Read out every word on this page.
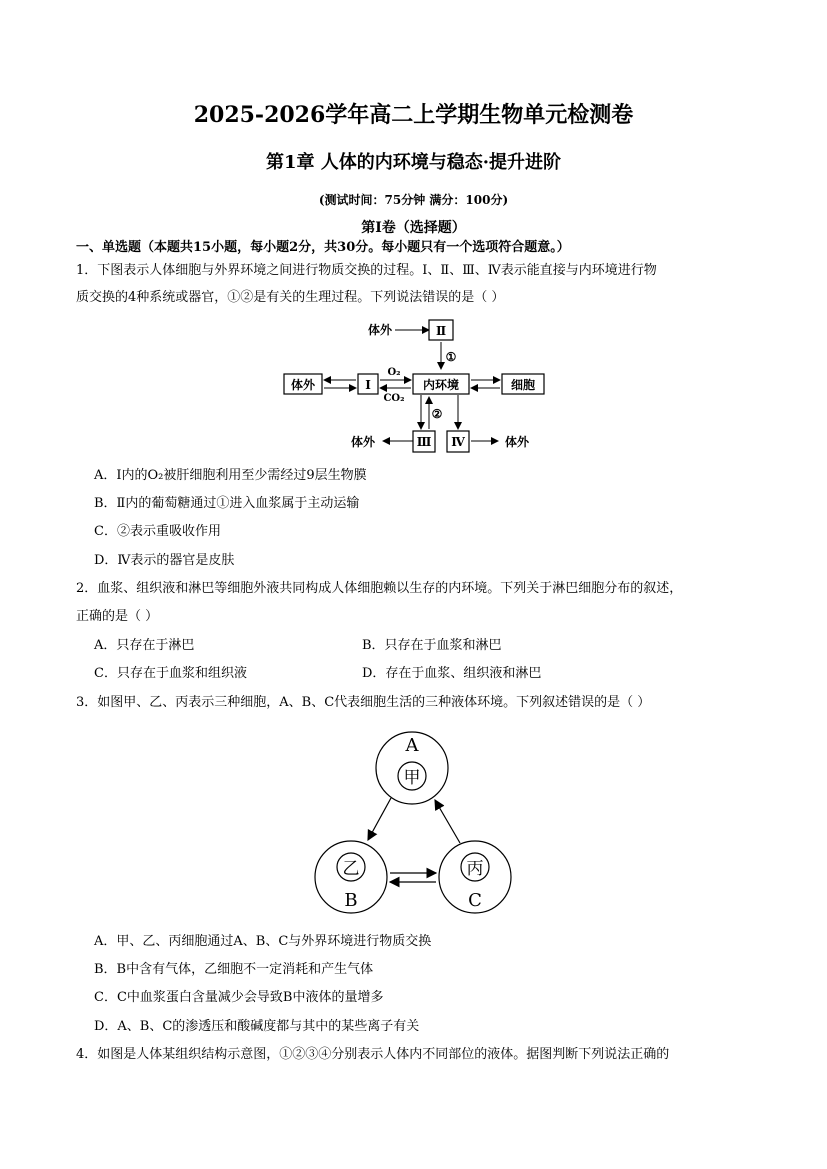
2025-2026学年高二上学期生物单元检测卷
第1章 人体的内环境与稳态·提升进阶
(测试时间：75分钟 满分：100分)
第Ⅰ卷（选择题）
一、单选题（本题共15小题，每小题2分，共30分。每小题只有一个选项符合题意。）
1．下图表示人体细胞与外界环境之间进行物质交换的过程。Ⅰ、Ⅱ、Ⅲ、Ⅳ表示能直接与内环境进行物
质交换的4种系统或器官，①②是有关的生理过程。下列说法错误的是（ ）
体外	Ⅱ
①
体外	Ⅰ
O₂
CO₂
内环境	细胞
②
Ⅲ Ⅳ
体外	体外
A．Ⅰ内的O₂被肝细胞利用至少需经过9层生物膜
B．Ⅱ内的葡萄糖通过①进入血浆属于主动运输
C．②表示重吸收作用
D．Ⅳ表示的器官是皮肤
2．血浆、组织液和淋巴等细胞外液共同构成人体细胞赖以生存的内环境。下列关于淋巴细胞分布的叙述，
正确的是（ ）
A．只存在于淋巴	B．只存在于血浆和淋巴
C．只存在于血浆和组织液	D．存在于血浆、组织液和淋巴
3．如图甲、乙、丙表示三种细胞，A、B、C代表细胞生活的三种液体环境。下列叙述错误的是（ ）
A
甲
乙
B
丙
C
A．甲、乙、丙细胞通过A、B、C与外界环境进行物质交换
B．B中含有气体，乙细胞不一定消耗和产生气体
C．C中血浆蛋白含量减少会导致B中液体的量增多
D．A、B、C的渗透压和酸碱度都与其中的某些离子有关
4．如图是人体某组织结构示意图，①②③④分别表示人体内不同部位的液体。据图判断下列说法正确的
